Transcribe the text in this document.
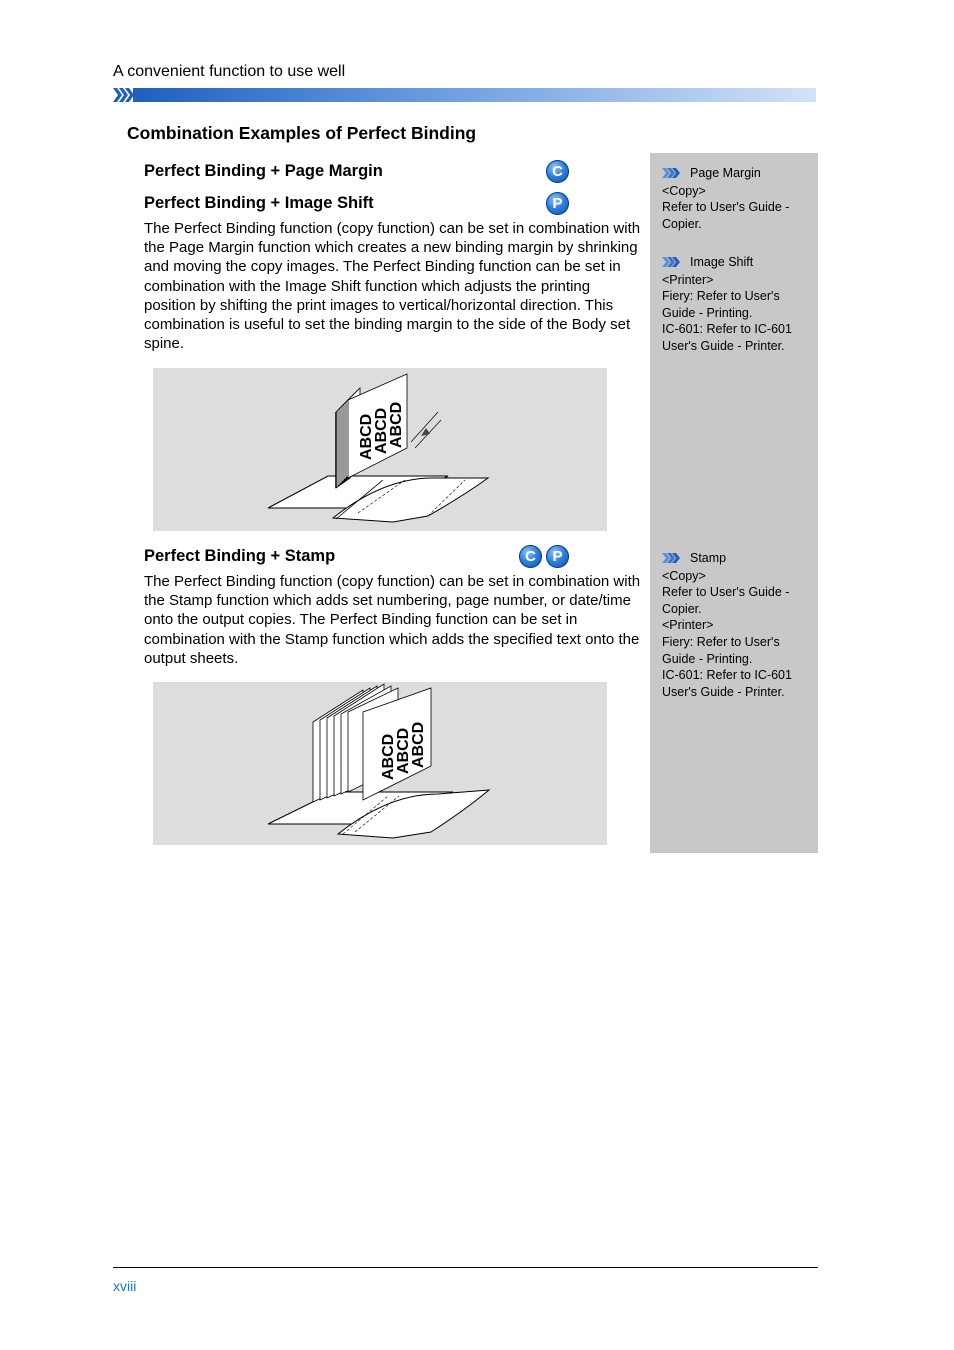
A convenient function to use well
Combination Examples of Perfect Binding
Perfect Binding + Page Margin	C
Perfect Binding + Image Shift	P
The Perfect Binding function (copy function) can be set in combination with the Page Margin function which creates a new binding margin by shrinking and moving the copy images. The Perfect Binding function can be set in combination with the Image Shift function which adjusts the printing position by shifting the print images to vertical/horizontal direction. This combination is useful to set the binding margin to the side of the Body set spine.
ABCD
ABCD
ABCD
Perfect Binding + Stamp	C	P
The Perfect Binding function (copy function) can be set in combination with the Stamp function which adds set numbering, page number, or date/time onto the output copies. The Perfect Binding function can be set in combination with the Stamp function which adds the specified text onto the output sheets.
ABCD
ABCD
ABCD
Page Margin
<Copy>
Refer to User's Guide - Copier.
Image Shift
<Printer>
Fiery: Refer to User's Guide - Printing.
IC-601: Refer to IC-601 User's Guide - Printer.
Stamp
<Copy>
Refer to User's Guide - Copier.
<Printer>
Fiery: Refer to User's Guide - Printing.
IC-601: Refer to IC-601 User's Guide - Printer.
xviii
